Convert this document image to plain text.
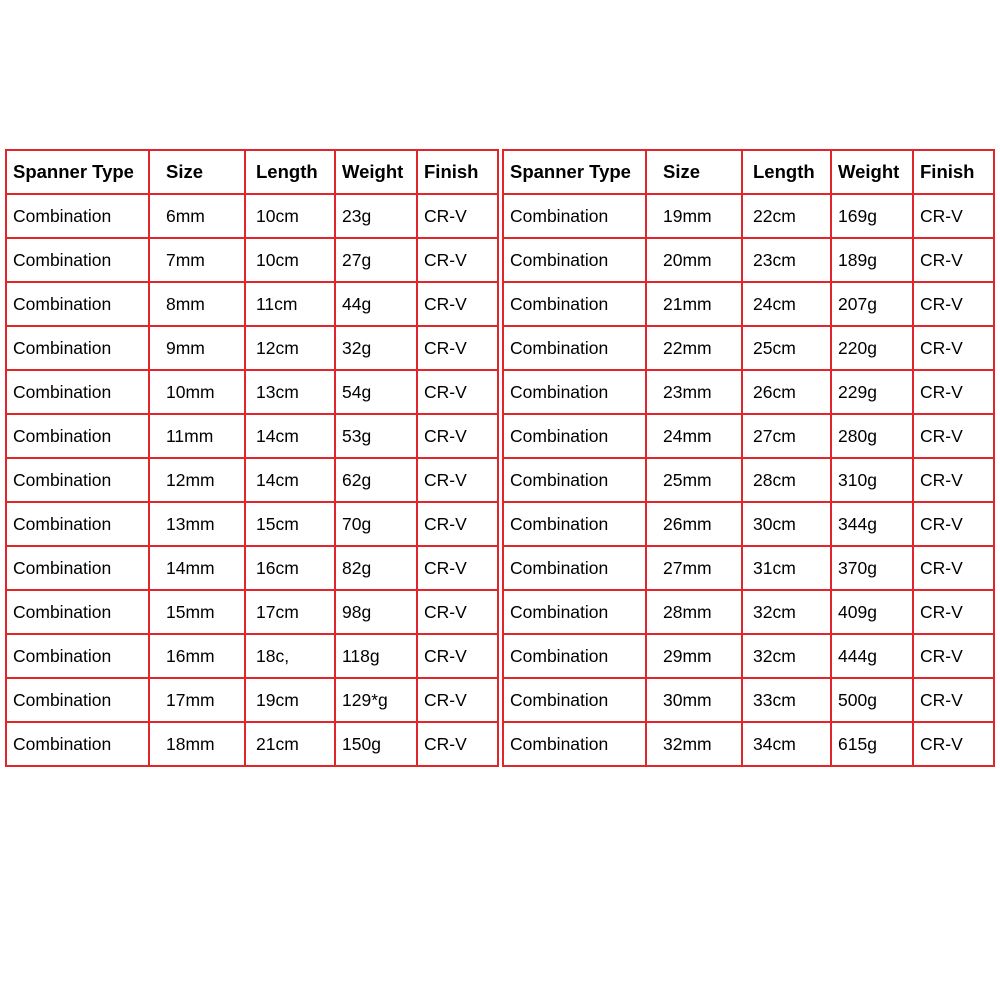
Spanner Type	Size	Length	Weight	Finish
Combination	6mm	10cm	23g	CR-V
Combination	7mm	10cm	27g	CR-V
Combination	8mm	11cm	44g	CR-V
Combination	9mm	12cm	32g	CR-V
Combination	10mm	13cm	54g	CR-V
Combination	11mm	14cm	53g	CR-V
Combination	12mm	14cm	62g	CR-V
Combination	13mm	15cm	70g	CR-V
Combination	14mm	16cm	82g	CR-V
Combination	15mm	17cm	98g	CR-V
Combination	16mm	18c,	118g	CR-V
Combination	17mm	19cm	129*g	CR-V
Combination	18mm	21cm	150g	CR-V
Spanner Type	Size	Length	Weight	Finish
Combination	19mm	22cm	169g	CR-V
Combination	20mm	23cm	189g	CR-V
Combination	21mm	24cm	207g	CR-V
Combination	22mm	25cm	220g	CR-V
Combination	23mm	26cm	229g	CR-V
Combination	24mm	27cm	280g	CR-V
Combination	25mm	28cm	310g	CR-V
Combination	26mm	30cm	344g	CR-V
Combination	27mm	31cm	370g	CR-V
Combination	28mm	32cm	409g	CR-V
Combination	29mm	32cm	444g	CR-V
Combination	30mm	33cm	500g	CR-V
Combination	32mm	34cm	615g	CR-V
